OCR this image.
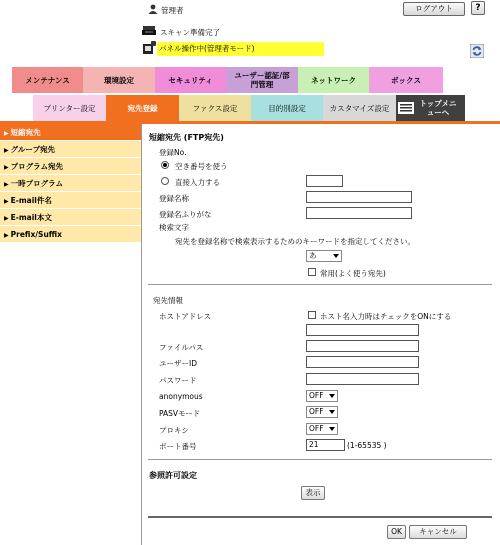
管理者	ログアウト	?
スキャン準備完了
パネル操作中(管理者モード)
メンテナンス	環境設定	セキュリティ	ユーザー認証/部門管理	ネットワーク	ボックス
プリンター設定	宛先登録	ファクス設定	目的別設定	カスタマイズ設定	トップメニューへ
▶ 短縮宛先
▶ グループ宛先
▶ プログラム宛先
▶ 一時プログラム
▶ E-mail件名
▶ E-mail本文
▶ Prefix/Suffix
短縮宛先 (FTP宛先)
登録No.
空き番号を使う
直接入力する
登録名称
登録名ふりがな
検索文字
宛先を登録名称で検索表示するためのキーワードを指定してください。
あ
常用(よく使う宛先)
宛先情報
ホストアドレス	ホスト名入力時はチェックをONにする
ファイルパス
ユーザーID
パスワード
anonymous	OFF
PASVモード	OFF
プロキシ	OFF
ポート番号	21	(1-65535 )
参照許可設定
表示
OK	キャンセル
